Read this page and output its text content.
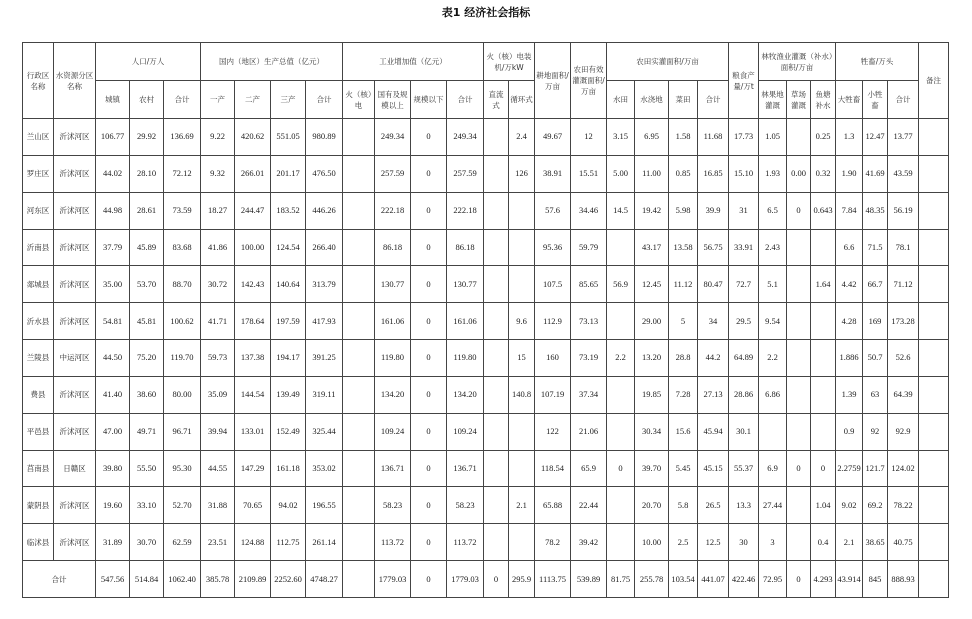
表1 经济社会指标
行政区名称	水资源分区名称	人口/万人			国内（地区）生产总值（亿元）				工业增加值（亿元）				火（核）电装机/万kW		耕地面积/万亩	农田有效灌溉面积/万亩	农田实灌面积/万亩				粮食产量/万t	林牧渔业灌溉（补水）面积/万亩			牲畜/万头			备注
		城镇	农村	合计	一产	二产	三产	合计	火（核）电	国有及规模以上	规模以下	合计	直流式	循环式			水田	水浇地	菜田	合计		林果地灌溉	草场灌溉	鱼塘补水	大牲畜	小牲畜	合计	
兰山区	沂沭河区	106.77	29.92	136.69	9.22	420.62	551.05	980.89		249.34	0	249.34		2.4	49.67	12	3.15	6.95	1.58	11.68	17.73	1.05		0.25	1.3	12.47	13.77	
罗庄区	沂沭河区	44.02	28.10	72.12	9.32	266.01	201.17	476.50		257.59	0	257.59		126	38.91	15.51	5.00	11.00	0.85	16.85	15.10	1.93	0.00	0.32	1.90	41.69	43.59	
河东区	沂沭河区	44.98	28.61	73.59	18.27	244.47	183.52	446.26		222.18	0	222.18			57.6	34.46	14.5	19.42	5.98	39.9	31	6.5	0	0.643	7.84	48.35	56.19	
沂南县	沂沭河区	37.79	45.89	83.68	41.86	100.00	124.54	266.40		86.18	0	86.18			95.36	59.79		43.17	13.58	56.75	33.91	2.43			6.6	71.5	78.1	
郯城县	沂沭河区	35.00	53.70	88.70	30.72	142.43	140.64	313.79		130.77	0	130.77			107.5	85.65	56.9	12.45	11.12	80.47	72.7	5.1		1.64	4.42	66.7	71.12	
沂水县	沂沭河区	54.81	45.81	100.62	41.71	178.64	197.59	417.93		161.06	0	161.06		9.6	112.9	73.13		29.00	5	34	29.5	9.54			4.28	169	173.28	
兰陵县	中运河区	44.50	75.20	119.70	59.73	137.38	194.17	391.25		119.80	0	119.80		15	160	73.19	2.2	13.20	28.8	44.2	64.89	2.2			1.886	50.7	52.6	
费县	沂沭河区	41.40	38.60	80.00	35.09	144.54	139.49	319.11		134.20	0	134.20		140.8	107.19	37.34		19.85	7.28	27.13	28.86	6.86			1.39	63	64.39	
平邑县	沂沭河区	47.00	49.71	96.71	39.94	133.01	152.49	325.44		109.24	0	109.24			122	21.06		30.34	15.6	45.94	30.1				0.9	92	92.9	
莒南县	日赣区	39.80	55.50	95.30	44.55	147.29	161.18	353.02		136.71	0	136.71			118.54	65.9	0	39.70	5.45	45.15	55.37	6.9	0	0	2.2759	121.7	124.02	
蒙阴县	沂沭河区	19.60	33.10	52.70	31.88	70.65	94.02	196.55		58.23	0	58.23		2.1	65.88	22.44		20.70	5.8	26.5	13.3	27.44		1.04	9.02	69.2	78.22	
临沭县	沂沭河区	31.89	30.70	62.59	23.51	124.88	112.75	261.14		113.72	0	113.72			78.2	39.42		10.00	2.5	12.5	30	3		0.4	2.1	38.65	40.75	
合计		547.56	514.84	1062.40	385.78	2109.89	2252.60	4748.27		1779.03	0	1779.03	0	295.9	1113.75	539.89	81.75	255.78	103.54	441.07	422.46	72.95	0	4.293	43.914	845	888.93	
